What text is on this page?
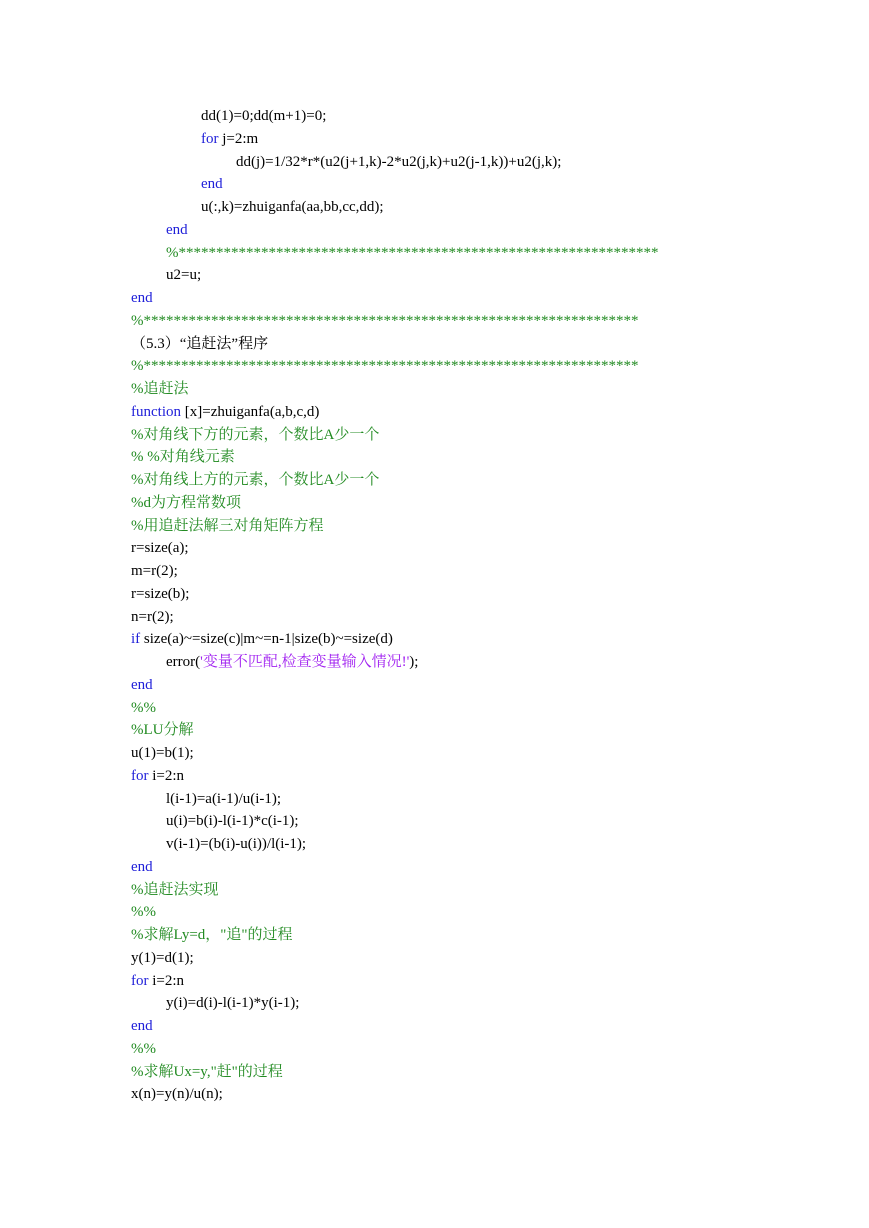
dd(1)=0;dd(m+1)=0;
for j=2:m
dd(j)=1/32*r*(u2(j+1,k)-2*u2(j,k)+u2(j-1,k))+u2(j,k);
end
u(:,k)=zhuiganfa(aa,bb,cc,dd);
end
%****************************************************************
u2=u;
end
%******************************************************************
（5.3）“追赶法”程序
%******************************************************************
%追赶法
function [x]=zhuiganfa(a,b,c,d)
%对角线下方的元素，个数比A少一个
% %对角线元素
%对角线上方的元素，个数比A少一个
%d为方程常数项
%用追赶法解三对角矩阵方程
r=size(a);
m=r(2);
r=size(b);
n=r(2);
if size(a)~=size(c)|m~=n-1|size(b)~=size(d)
error('变量不匹配,检查变量输入情况!');
end
%%
%LU分解
u(1)=b(1);
for i=2:n
l(i-1)=a(i-1)/u(i-1);
u(i)=b(i)-l(i-1)*c(i-1);
v(i-1)=(b(i)-u(i))/l(i-1);
end
%追赶法实现
%%
%求解Ly=d，"追"的过程
y(1)=d(1);
for i=2:n
y(i)=d(i)-l(i-1)*y(i-1);
end
%%
%求解Ux=y,"赶"的过程
x(n)=y(n)/u(n);
